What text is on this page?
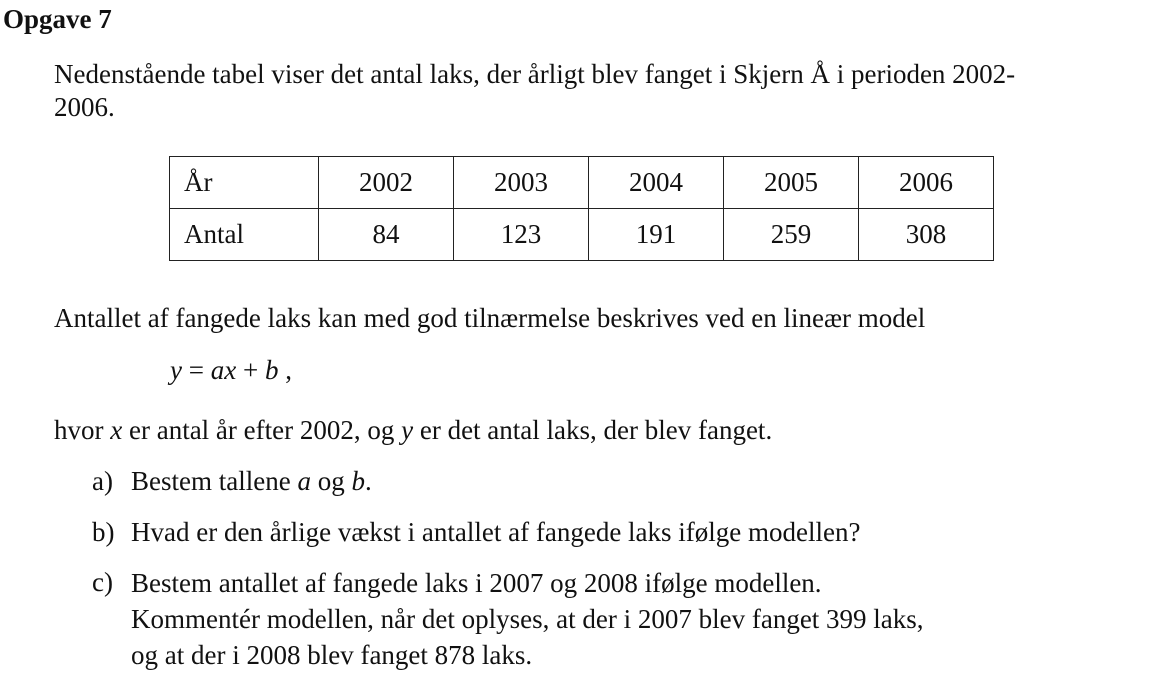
Opgave 7
Nedenstående tabel viser det antal laks, der årligt blev fanget i Skjern Å i perioden 2002-
2006.
År	2002	2003	2004	2005	2006
Antal	84	123	191	259	308
Antallet af fangede laks kan med god tilnærmelse beskrives ved en lineær model
y = ax + b ,
hvor x er antal år efter 2002, og y er det antal laks, der blev fanget.
a) Bestem tallene a og b.
b) Hvad er den årlige vækst i antallet af fangede laks ifølge modellen?
c) Bestem antallet af fangede laks i 2007 og 2008 ifølge modellen.
Kommentér modellen, når det oplyses, at der i 2007 blev fanget 399 laks,
og at der i 2008 blev fanget 878 laks.
